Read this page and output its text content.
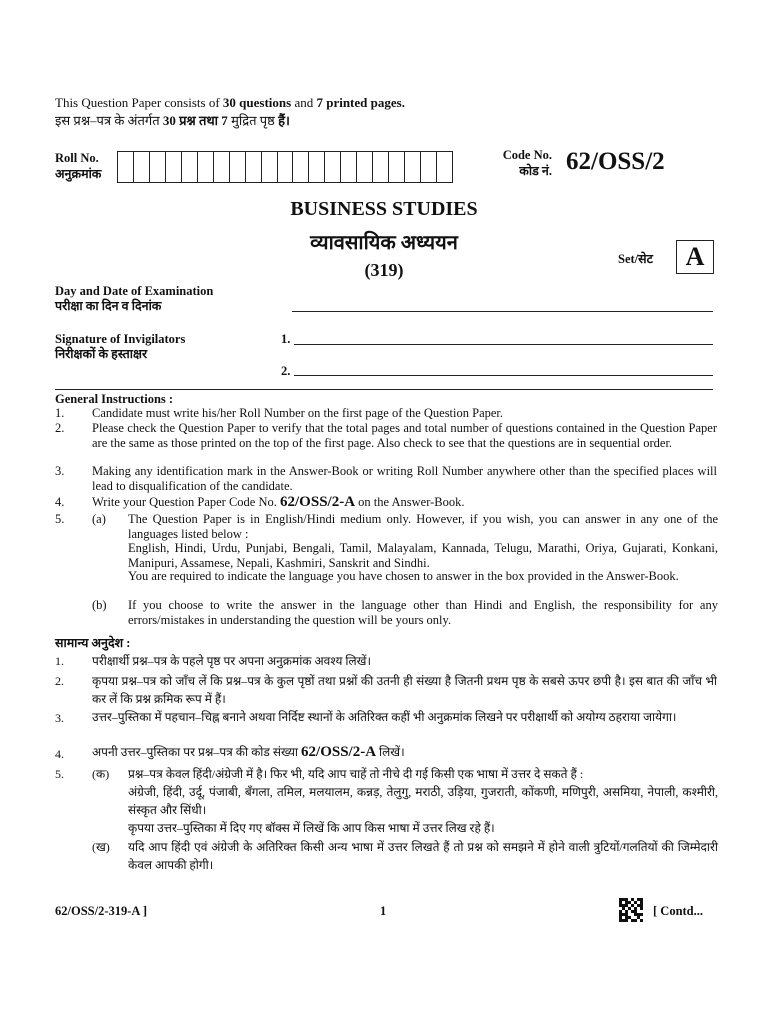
This Question Paper consists of 30 questions and 7 printed pages.
इस प्रश्न–पत्र के अंतर्गत 30 प्रश्न तथा 7 मुद्रित पृष्ठ हैं।
Roll No.
अनुक्रमांक
Code No.
कोड नं. 62/OSS/2
BUSINESS STUDIES
व्यावसायिक अध्ययन
(319)
Set/सेट	A
Day and Date of Examination
परीक्षा का दिन व दिनांक
Signature of Invigilators
निरीक्षकों के हस्ताक्षर
1.
2.
General Instructions :
1. Candidate must write his/her Roll Number on the first page of the Question Paper.
2. Please check the Question Paper to verify that the total pages and total number of questions contained in the Question Paper are the same as those printed on the top of the first page. Also check to see that the questions are in sequential order.
3. Making any identification mark in the Answer-Book or writing Roll Number anywhere other than the specified places will lead to disqualification of the candidate.
4. Write your Question Paper Code No. 62/OSS/2-A on the Answer-Book.
5. (a) The Question Paper is in English/Hindi medium only. However, if you wish, you can answer in any one of the languages listed below :
English, Hindi, Urdu, Punjabi, Bengali, Tamil, Malayalam, Kannada, Telugu, Marathi, Oriya, Gujarati, Konkani, Manipuri, Assamese, Nepali, Kashmiri, Sanskrit and Sindhi.
You are required to indicate the language you have chosen to answer in the box provided in the Answer-Book.
(b) If you choose to write the answer in the language other than Hindi and English, the responsibility for any errors/mistakes in understanding the question will be yours only.
सामान्य अनुदेश :
1. परीक्षार्थी प्रश्न–पत्र के पहले पृष्ठ पर अपना अनुक्रमांक अवश्य लिखें।
2. कृपया प्रश्न–पत्र को जाँच लें कि प्रश्न–पत्र के कुल पृष्ठों तथा प्रश्नों की उतनी ही संख्या है जितनी प्रथम पृष्ठ के सबसे ऊपर छपी है। इस बात की जाँच भी कर लें कि प्रश्न क्रमिक रूप में हैं।
3. उत्तर–पुस्तिका में पहचान–चिह्न बनाने अथवा निर्दिष्ट स्थानों के अतिरिक्त कहीं भी अनुक्रमांक लिखने पर परीक्षार्थी को अयोग्य ठहराया जायेगा।
4. अपनी उत्तर–पुस्तिका पर प्रश्न–पत्र की कोड संख्या 62/OSS/2-A लिखें।
5. (क) प्रश्न–पत्र केवल हिंदी/अंग्रेजी में है। फिर भी, यदि आप चाहें तो नीचे दी गई किसी एक भाषा में उत्तर दे सकते हैं :
अंग्रेजी, हिंदी, उर्दू, पंजाबी, बँगला, तमिल, मलयालम, कन्नड़, तेलुगु, मराठी, उड़िया, गुजराती, कोंकणी, मणिपुरी, असमिया, नेपाली, कश्मीरी, संस्कृत और सिंधी।
कृपया उत्तर–पुस्तिका में दिए गए बॉक्स में लिखें कि आप किस भाषा में उत्तर लिख रहे हैं।
(ख) यदि आप हिंदी एवं अंग्रेजी के अतिरिक्त किसी अन्य भाषा में उत्तर लिखते हैं तो प्रश्न को समझने में होने वाली त्रुटियों/गलतियों की जिम्मेदारी केवल आपकी होगी।
62/OSS/2-319-A ]	1	[ Contd...
